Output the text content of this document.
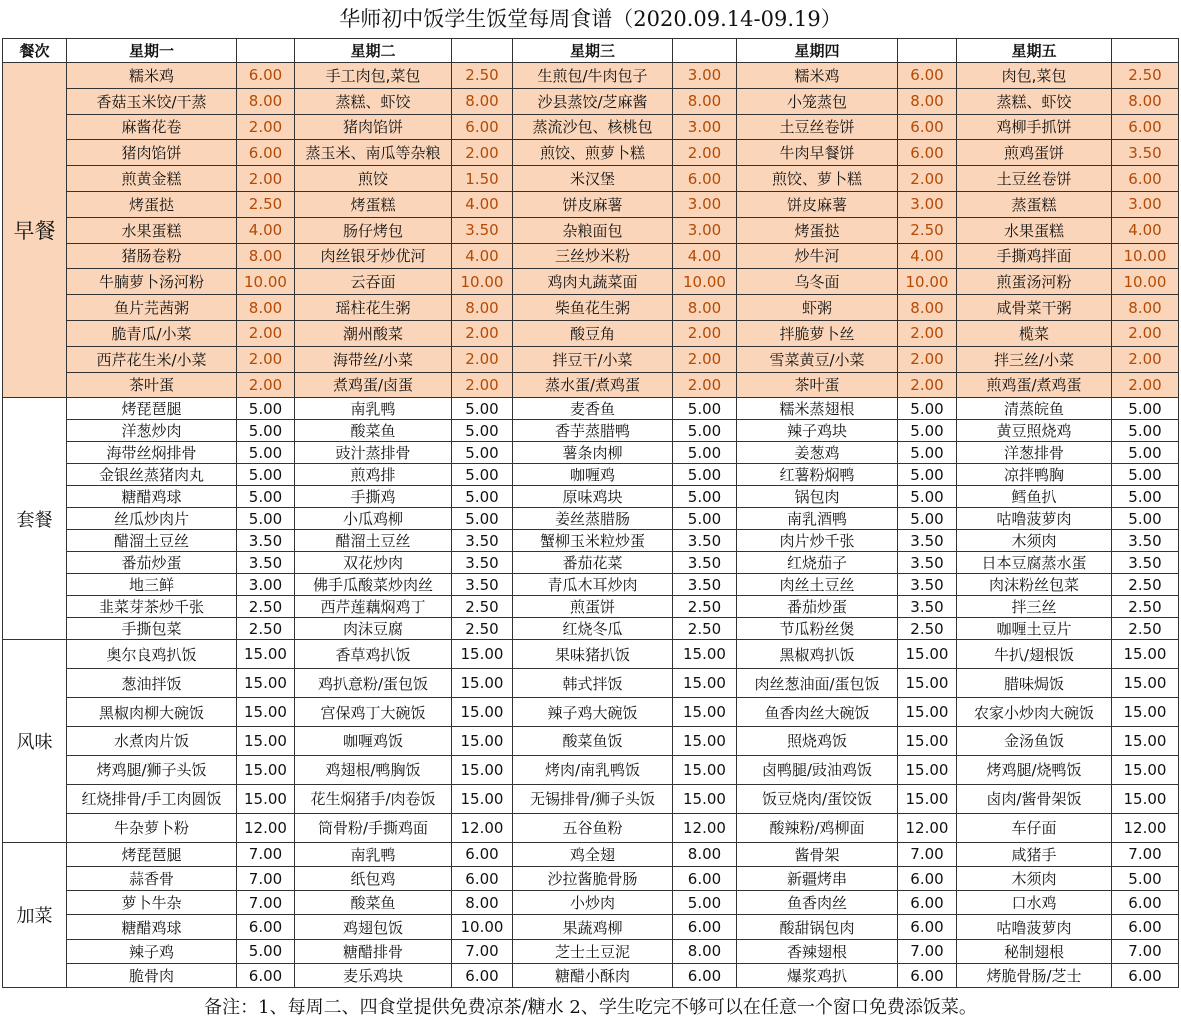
华师初中饭学生饭堂每周食谱（2020.09.14-09.19）
餐次	星期一		星期二		星期三		星期四		星期五	
早餐	糯米鸡	6.00	手工肉包,菜包	2.50	生煎包/牛肉包子	3.00	糯米鸡	6.00	肉包,菜包	2.50
	香菇玉米饺/干蒸	8.00	蒸糕、虾饺	8.00	沙县蒸饺/芝麻酱	8.00	小笼蒸包	8.00	蒸糕、虾饺	8.00
	麻酱花卷	2.00	猪肉馅饼	6.00	蒸流沙包、核桃包	3.00	土豆丝卷饼	6.00	鸡柳手抓饼	6.00
	猪肉馅饼	6.00	蒸玉米、南瓜等杂粮	2.00	煎饺、煎萝卜糕	2.00	牛肉早餐饼	6.00	煎鸡蛋饼	3.50
	煎黄金糕	2.00	煎饺	1.50	米汉堡	6.00	煎饺、萝卜糕	2.00	土豆丝卷饼	6.00
	烤蛋挞	2.50	烤蛋糕	4.00	饼皮麻薯	3.00	饼皮麻薯	3.00	蒸蛋糕	3.00
	水果蛋糕	4.00	肠仔烤包	3.50	杂粮面包	3.00	烤蛋挞	2.50	水果蛋糕	4.00
	猪肠卷粉	8.00	肉丝银牙炒优河	4.00	三丝炒米粉	4.00	炒牛河	4.00	手撕鸡拌面	10.00
	牛腩萝卜汤河粉	10.00	云吞面	10.00	鸡肉丸蔬菜面	10.00	乌冬面	10.00	煎蛋汤河粉	10.00
	鱼片芫茜粥	8.00	瑶柱花生粥	8.00	柴鱼花生粥	8.00	虾粥	8.00	咸骨菜干粥	8.00
	脆青瓜/小菜	2.00	潮州酸菜	2.00	酸豆角	2.00	拌脆萝卜丝	2.00	榄菜	2.00
	西芹花生米/小菜	2.00	海带丝/小菜	2.00	拌豆干/小菜	2.00	雪菜黄豆/小菜	2.00	拌三丝/小菜	2.00
	茶叶蛋	2.00	煮鸡蛋/卤蛋	2.00	蒸水蛋/煮鸡蛋	2.00	茶叶蛋	2.00	煎鸡蛋/煮鸡蛋	2.00
套餐	烤琵琶腿	5.00	南乳鸭	5.00	麦香鱼	5.00	糯米蒸翅根	5.00	清蒸皖鱼	5.00
	洋葱炒肉	5.00	酸菜鱼	5.00	香芋蒸腊鸭	5.00	辣子鸡块	5.00	黄豆照烧鸡	5.00
	海带丝焖排骨	5.00	豉汁蒸排骨	5.00	薯条肉柳	5.00	姜葱鸡	5.00	洋葱排骨	5.00
	金银丝蒸猪肉丸	5.00	煎鸡排	5.00	咖喱鸡	5.00	红薯粉焖鸭	5.00	凉拌鸭胸	5.00
	糖醋鸡球	5.00	手撕鸡	5.00	原味鸡块	5.00	锅包肉	5.00	鳕鱼扒	5.00
	丝瓜炒肉片	5.00	小瓜鸡柳	5.00	姜丝蒸腊肠	5.00	南乳酒鸭	5.00	咕噜菠萝肉	5.00
	醋溜土豆丝	3.50	醋溜土豆丝	3.50	蟹柳玉米粒炒蛋	3.50	肉片炒千张	3.50	木须肉	3.50
	番茄炒蛋	3.50	双花炒肉	3.50	番茄花菜	3.50	红烧茄子	3.50	日本豆腐蒸水蛋	3.50
	地三鲜	3.00	佛手瓜酸菜炒肉丝	3.50	青瓜木耳炒肉	3.50	肉丝土豆丝	3.50	肉沫粉丝包菜	2.50
	韭菜芽茶炒千张	2.50	西芹莲藕焖鸡丁	2.50	煎蛋饼	2.50	番茄炒蛋	3.50	拌三丝	2.50
	手撕包菜	2.50	肉沫豆腐	2.50	红烧冬瓜	2.50	节瓜粉丝煲	2.50	咖喱土豆片	2.50
风味	奥尔良鸡扒饭	15.00	香草鸡扒饭	15.00	果味猪扒饭	15.00	黑椒鸡扒饭	15.00	牛扒/翅根饭	15.00
	葱油拌饭	15.00	鸡扒意粉/蛋包饭	15.00	韩式拌饭	15.00	肉丝葱油面/蛋包饭	15.00	腊味焗饭	15.00
	黑椒肉柳大碗饭	15.00	宫保鸡丁大碗饭	15.00	辣子鸡大碗饭	15.00	鱼香肉丝大碗饭	15.00	农家小炒肉大碗饭	15.00
	水煮肉片饭	15.00	咖喱鸡饭	15.00	酸菜鱼饭	15.00	照烧鸡饭	15.00	金汤鱼饭	15.00
	烤鸡腿/狮子头饭	15.00	鸡翅根/鸭胸饭	15.00	烤肉/南乳鸭饭	15.00	卤鸭腿/豉油鸡饭	15.00	烤鸡腿/烧鸭饭	15.00
	红烧排骨/手工肉圆饭	15.00	花生焖猪手/肉卷饭	15.00	无锡排骨/狮子头饭	15.00	饭豆烧肉/蛋饺饭	15.00	卤肉/酱骨架饭	15.00
	牛杂萝卜粉	12.00	筒骨粉/手撕鸡面	12.00	五谷鱼粉	12.00	酸辣粉/鸡柳面	12.00	车仔面	12.00
加菜	烤琵琶腿	7.00	南乳鸭	6.00	鸡全翅	8.00	酱骨架	7.00	咸猪手	7.00
	蒜香骨	7.00	纸包鸡	6.00	沙拉酱脆骨肠	6.00	新疆烤串	6.00	木须肉	5.00
	萝卜牛杂	7.00	酸菜鱼	8.00	小炒肉	5.00	鱼香肉丝	6.00	口水鸡	6.00
	糖醋鸡球	6.00	鸡翅包饭	10.00	果蔬鸡柳	6.00	酸甜锅包肉	6.00	咕噜菠萝肉	6.00
	辣子鸡	5.00	糖醋排骨	7.00	芝士土豆泥	8.00	香辣翅根	7.00	秘制翅根	7.00
	脆骨肉	6.00	麦乐鸡块	6.00	糖醋小酥肉	6.00	爆浆鸡扒	6.00	烤脆骨肠/芝士	6.00
备注：1、每周二、四食堂提供免费凉茶/糖水 2、学生吃完不够可以在任意一个窗口免费添饭菜。
